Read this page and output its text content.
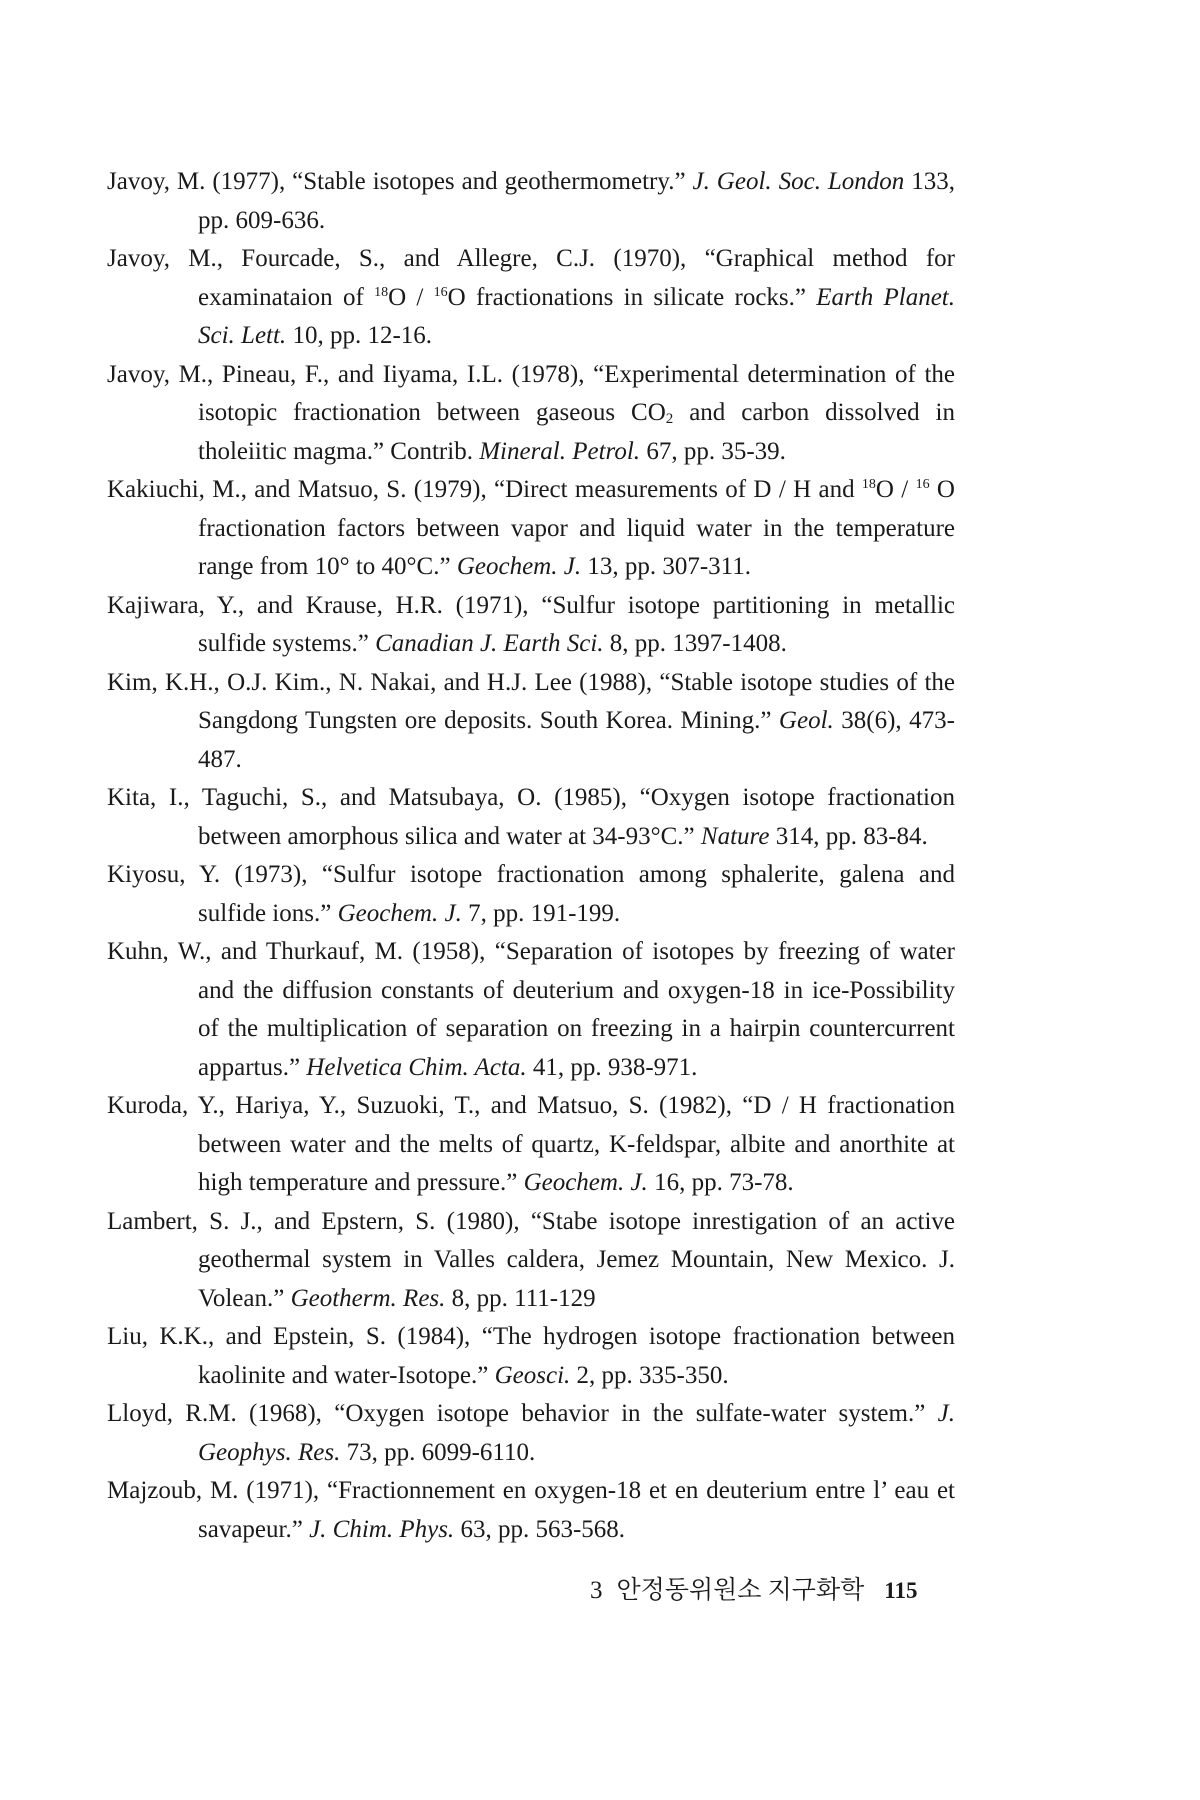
Javoy, M. (1977), “Stable isotopes and geothermometry.” J. Geol. Soc. London 133, pp. 609-636.

Javoy, M., Fourcade, S., and Allegre, C.J. (1970), “Graphical method for examinataion of $^{18}$O / $^{16}$O fractionations in silicate rocks.” Earth Planet. Sci. Lett. 10, pp. 12-16.

Javoy, M., Pineau, F., and Iiyama, I.L. (1978), “Experimental determination of the isotopic fractionation between gaseous $CO_2$ and carbon dissolved in tholeiitic magma.” Contrib. Mineral. Petrol. 67, pp. 35-39.

Kakiuchi, M., and Matsuo, S. (1979), “Direct measurements of D / H and $^{18}$O / $^{16}$ O fractionation factors between vapor and liquid water in the temperature range from 10° to 40°C.” Geochem. J. 13, pp. 307-311.

Kajiwara, Y., and Krause, H.R. (1971), “Sulfur isotope partitioning in metallic sulfide systems.” Canadian J. Earth Sci. 8, pp. 1397-1408.

Kim, K.H., O.J. Kim., N. Nakai, and H.J. Lee (1988), “Stable isotope studies of the Sangdong Tungsten ore deposits. South Korea. Mining.” Geol. 38(6), 473-487.

Kita, I., Taguchi, S., and Matsubaya, O. (1985), “Oxygen isotope fractionation between amorphous silica and water at 34-93°C.” Nature 314, pp. 83-84.

Kiyosu, Y. (1973), “Sulfur isotope fractionation among sphalerite, galena and sulfide ions.” Geochem. J. 7, pp. 191-199.

Kuhn, W., and Thurkauf, M. (1958), “Separation of isotopes by freezing of water and the diffusion constants of deuterium and oxygen-18 in ice-Possibility of the multiplication of separation on freezing in a hairpin countercurrent appartus.” Helvetica Chim. Acta. 41, pp. 938-971.

Kuroda, Y., Hariya, Y., Suzuoki, T., and Matsuo, S. (1982), “D / H fractionation between water and the melts of quartz, K-feldspar, albite and anorthite at high temperature and pressure.” Geochem. J. 16, pp. 73-78.

Lambert, S. J., and Epstern, S. (1980), “Stabe isotope inrestigation of an active geothermal system in Valles caldera, Jemez Mountain, New Mexico. J. Volean.” Geotherm. Res. 8, pp. 111-129

Liu, K.K., and Epstein, S. (1984), “The hydrogen isotope fractionation between kaolinite and water-Isotope.” Geosci. 2, pp. 335-350.

Lloyd, R.M. (1968), “Oxygen isotope behavior in the sulfate-water system.” J. Geophys. Res. 73, pp. 6099-6110.

Majzoub, M. (1971), “Fractionnement en oxygen-18 et en deuterium entre l’ eau et savapeur.” J. Chim. Phys. 63, pp. 563-568.

3 안정동위원소 지구화학 115
